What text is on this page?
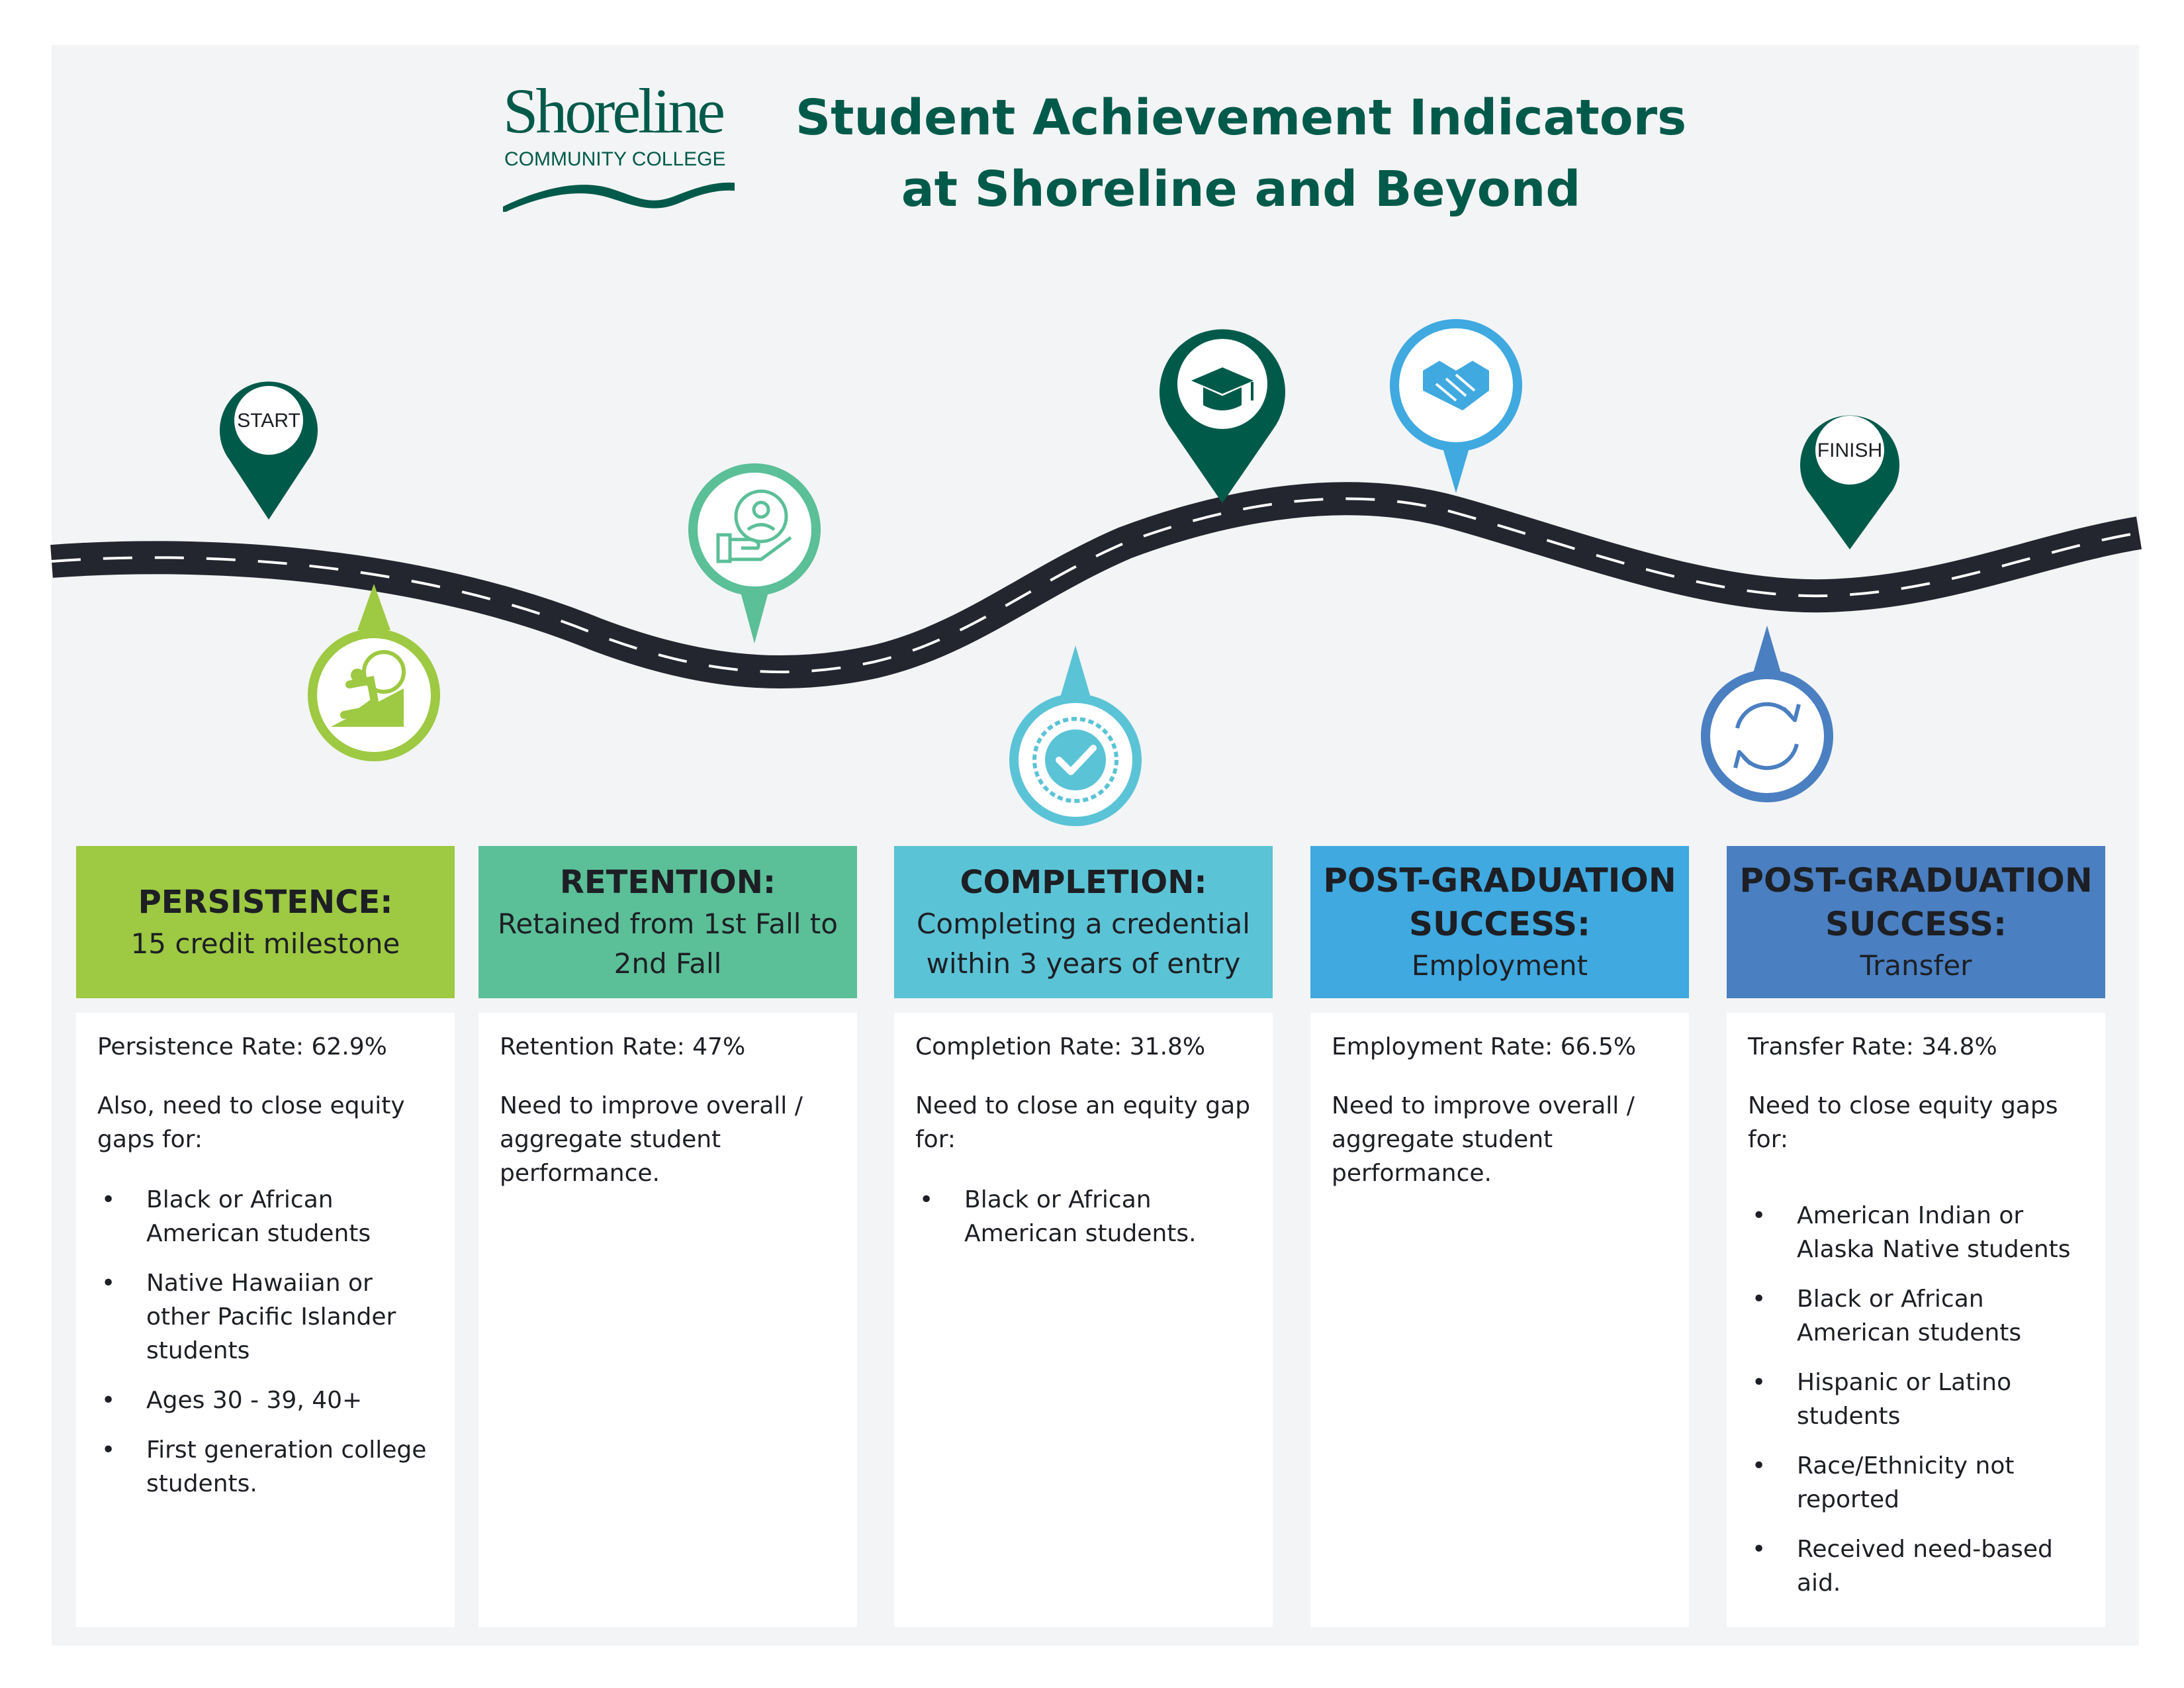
Shoreline
COMMUNITY COLLEGE
Student Achievement Indicators
at Shoreline and Beyond
START
FINISH
PERSISTENCE:
15 credit milestone
Persistence Rate: 62.9%
Also, need to close equity gaps for:
• Black or African American students
• Native Hawaiian or other Pacific Islander students
• Ages 30 - 39, 40+
• First generation college students.
RETENTION:
Retained from 1st Fall to 2nd Fall
Retention Rate: 47%
Need to improve overall / aggregate student performance.
COMPLETION:
Completing a credential within 3 years of entry
Completion Rate: 31.8%
Need to close an equity gap for:
• Black or African American students.
POST-GRADUATION SUCCESS:
Employment
Employment Rate: 66.5%
Need to improve overall / aggregate student performance.
POST-GRADUATION SUCCESS:
Transfer
Transfer Rate: 34.8%
Need to close equity gaps for:
• American Indian or Alaska Native students
• Black or African American students
• Hispanic or Latino students
• Race/Ethnicity not reported
• Received need-based aid.
